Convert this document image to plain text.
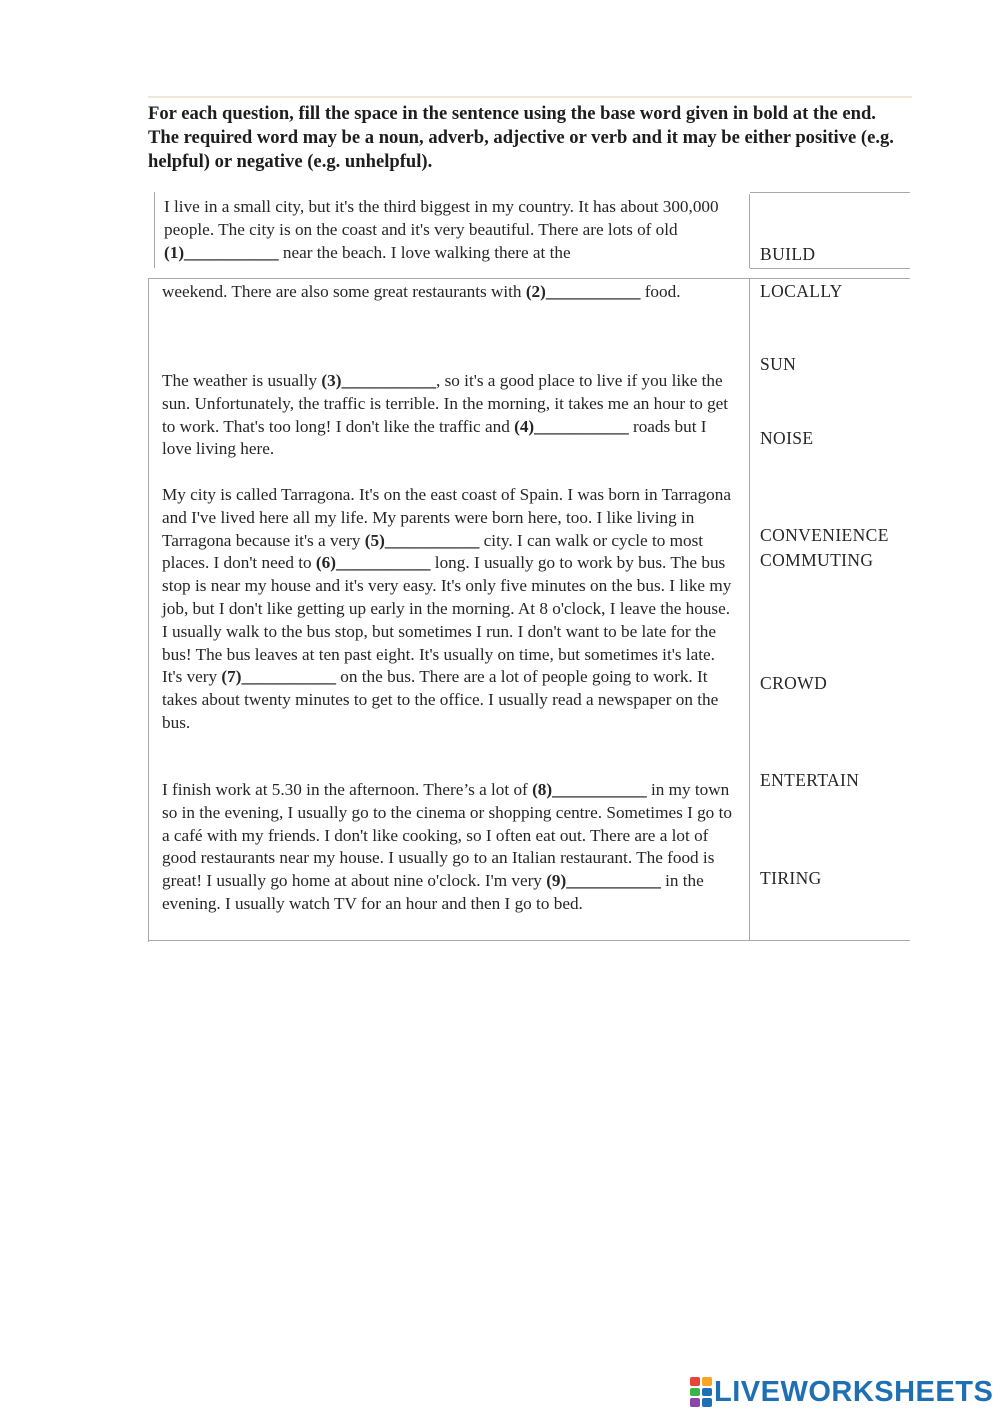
For each question, fill the space in the sentence using the base word given in bold at the end. The required word may be a noun, adverb, adjective or verb and it may be either positive (e.g. helpful) or negative (e.g. unhelpful).

I live in a small city, but it's the third biggest in my country. It has about 300,000 people. The city is on the coast and it's very beautiful. There are lots of old (1)___________ near the beach. I love walking there at the

weekend. There are also some great restaurants with (2)___________ food.

The weather is usually (3)___________, so it's a good place to live if you like the sun. Unfortunately, the traffic is terrible. In the morning, it takes me an hour to get to work. That's too long! I don't like the traffic and (4)___________ roads but I love living here.

My city is called Tarragona. It's on the east coast of Spain. I was born in Tarragona and I've lived here all my life. My parents were born here, too. I like living in Tarragona because it's a very (5)___________ city. I can walk or cycle to most places. I don't need to (6)___________ long. I usually go to work by bus. The bus stop is near my house and it's very easy. It's only five minutes on the bus. I like my job, but I don't like getting up early in the morning. At 8 o'clock, I leave the house. I usually walk to the bus stop, but sometimes I run. I don't want to be late for the bus! The bus leaves at ten past eight. It's usually on time, but sometimes it's late. It's very (7)___________ on the bus. There are a lot of people going to work. It takes about twenty minutes to get to the office. I usually read a newspaper on the bus.

I finish work at 5.30 in the afternoon. There’s a lot of (8)___________ in my town so in the evening, I usually go to the cinema or shopping centre. Sometimes I go to a café with my friends. I don't like cooking, so I often eat out. There are a lot of good restaurants near my house. I usually go to an Italian restaurant. The food is great! I usually go home at about nine o'clock. I'm very (9)___________ in the evening. I usually watch TV for an hour and then I go to bed.

BUILD
LOCALLY
SUN
NOISE
CONVENIENCE
COMMUTING
CROWD
ENTERTAIN
TIRING
LIVEWORKSHEETS
